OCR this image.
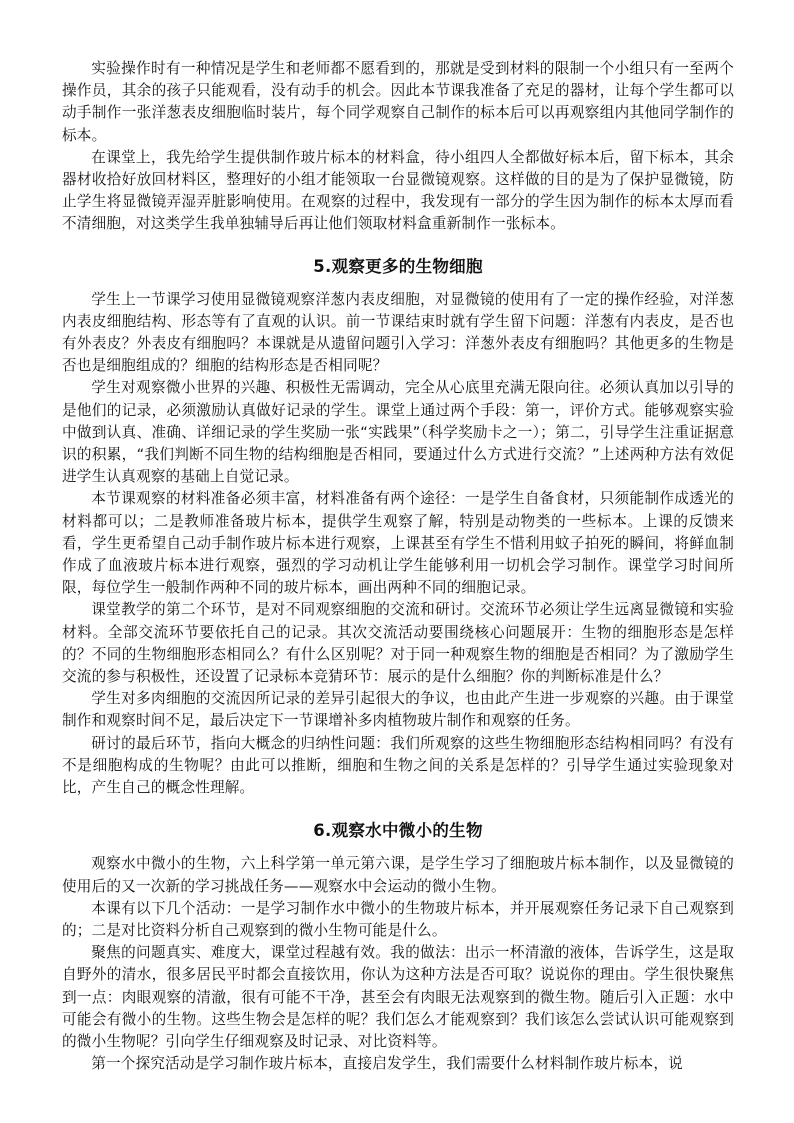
实验操作时有一种情况是学生和老师都不愿看到的，那就是受到材料的限制一个小组只有一至两个操作员，其余的孩子只能观看，没有动手的机会。因此本节课我准备了充足的器材，让每个学生都可以动手制作一张洋葱表皮细胞临时装片，每个同学观察自己制作的标本后可以再观察组内其他同学制作的标本。

在课堂上，我先给学生提供制作玻片标本的材料盒，待小组四人全都做好标本后，留下标本，其余器材收拾好放回材料区，整理好的小组才能领取一台显微镜观察。这样做的目的是为了保护显微镜，防止学生将显微镜弄湿弄脏影响使用。在观察的过程中，我发现有一部分的学生因为制作的标本太厚而看不清细胞，对这类学生我单独辅导后再让他们领取材料盒重新制作一张标本。

5.观察更多的生物细胞

学生上一节课学习使用显微镜观察洋葱内表皮细胞，对显微镜的使用有了一定的操作经验，对洋葱内表皮细胞结构、形态等有了直观的认识。前一节课结束时就有学生留下问题：洋葱有内表皮，是否也有外表皮？外表皮有细胞吗？本课就是从遗留问题引入学习：洋葱外表皮有细胞吗？其他更多的生物是否也是细胞组成的？细胞的结构形态是否相同呢？

学生对观察微小世界的兴趣、积极性无需调动，完全从心底里充满无限向往。必须认真加以引导的是他们的记录，必须激励认真做好记录的学生。课堂上通过两个手段：第一，评价方式。能够观察实验中做到认真、准确、详细记录的学生奖励一张“实践果”（科学奖励卡之一）；第二，引导学生注重证据意识的积累，“我们判断不同生物的结构细胞是否相同，要通过什么方式进行交流？”上述两种方法有效促进学生认真观察的基础上自觉记录。

本节课观察的材料准备必须丰富，材料准备有两个途径：一是学生自备食材，只须能制作成透光的材料都可以；二是教师准备玻片标本，提供学生观察了解，特别是动物类的一些标本。上课的反馈来看，学生更希望自己动手制作玻片标本进行观察，上课甚至有学生不惜利用蚊子拍死的瞬间，将鲜血制作成了血液玻片标本进行观察，强烈的学习动机让学生能够利用一切机会学习制作。课堂学习时间所限，每位学生一般制作两种不同的玻片标本，画出两种不同的细胞记录。

课堂教学的第二个环节，是对不同观察细胞的交流和研讨。交流环节必须让学生远离显微镜和实验材料。全部交流环节要依托自己的记录。其次交流活动要围绕核心问题展开：生物的细胞形态是怎样的？不同的生物细胞形态相同么？有什么区别呢？对于同一种观察生物的细胞是否相同？为了激励学生交流的参与积极性，还设置了记录标本竞猜环节：展示的是什么细胞？你的判断标准是什么？

学生对多肉细胞的交流因所记录的差异引起很大的争议，也由此产生进一步观察的兴趣。由于课堂制作和观察时间不足，最后决定下一节课增补多肉植物玻片制作和观察的任务。

研讨的最后环节，指向大概念的归纳性问题：我们所观察的这些生物细胞形态结构相同吗？有没有不是细胞构成的生物呢？由此可以推断，细胞和生物之间的关系是怎样的？引导学生通过实验现象对比，产生自己的概念性理解。

6.观察水中微小的生物

观察水中微小的生物，六上科学第一单元第六课，是学生学习了细胞玻片标本制作，以及显微镜的使用后的又一次新的学习挑战任务——观察水中会运动的微小生物。

本课有以下几个活动：一是学习制作水中微小的生物玻片标本，并开展观察任务记录下自己观察到的；二是对比资料分析自己观察到的微小生物可能是什么。

聚焦的问题真实、难度大，课堂过程越有效。我的做法：出示一杯清澈的液体，告诉学生，这是取自野外的清水，很多居民平时都会直接饮用，你认为这种方法是否可取？说说你的理由。学生很快聚焦到一点：肉眼观察的清澈，很有可能不干净，甚至会有肉眼无法观察到的微生物。随后引入正题：水中可能会有微小的生物。这些生物会是怎样的呢？我们怎么才能观察到？我们该怎么尝试认识可能观察到的微小生物呢？引向学生仔细观察及时记录、对比资料等。

第一个探究活动是学习制作玻片标本，直接启发学生，我们需要什么材料制作玻片标本，说
